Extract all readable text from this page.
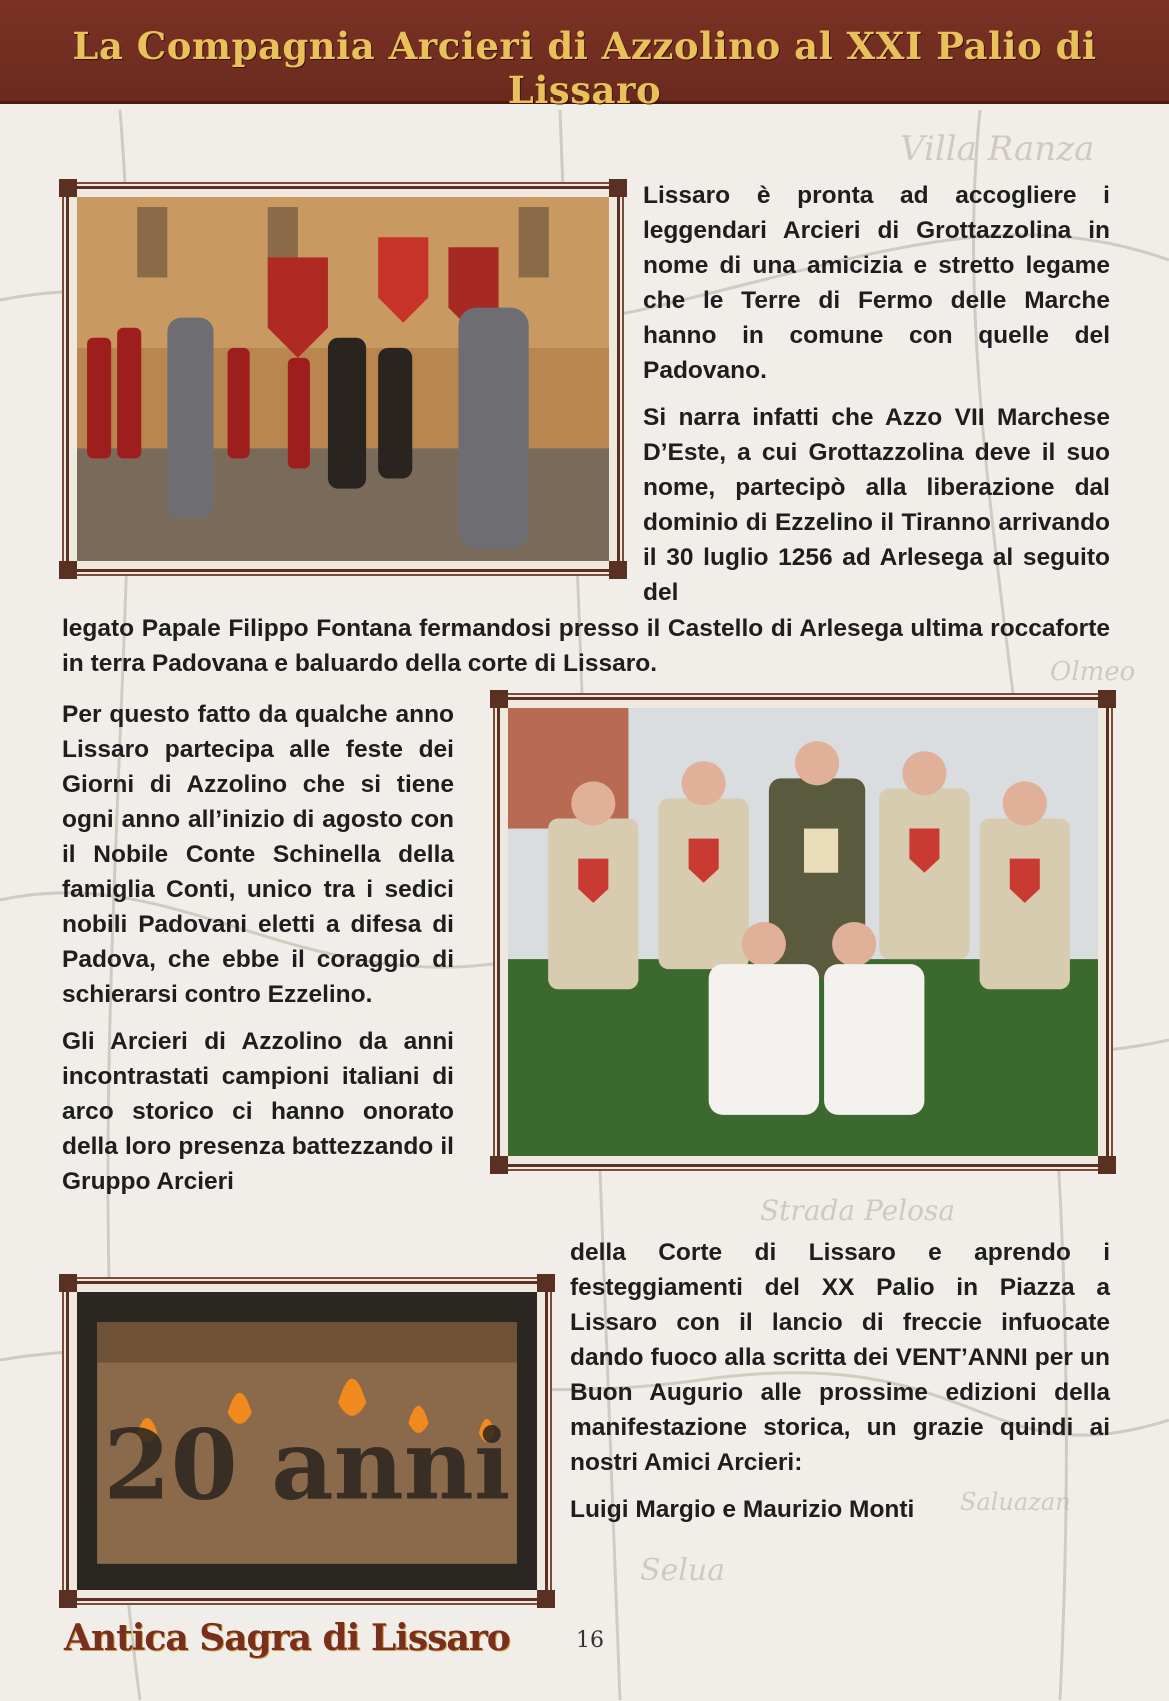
Villa Ranza
Olmeo
Strada Pelosa
Saluazan
Selua
La Compagnia Arcieri di Azzolino al XXI Palio di Lissaro

Lissaro è pronta ad accogliere i leggendari Arcieri di Grottazzolina in nome di una amicizia e stretto legame che le Terre di Fermo delle Marche hanno in comune con quelle del Padovano.

Si narra infatti che Azzo VII Marchese D’Este, a cui Grottazzolina deve il suo nome, partecipò alla liberazione dal dominio di Ezzelino il Tiranno arrivando il 30 luglio 1256 ad Arlesega al seguito del

legato Papale Filippo Fontana fermandosi presso il Castello di Arlesega ultima roccaforte in terra Padovana e baluardo della corte di Lissaro.

Per questo fatto da qualche anno Lissaro partecipa alle feste dei Giorni di Azzolino che si tiene ogni anno all’inizio di agosto con il Nobile Conte Schinella della famiglia Conti, unico tra i sedici nobili Padovani eletti a difesa di Padova, che ebbe il coraggio di schierarsi contro Ezzelino.

Gli Arcieri di Azzolino da anni incontrastati campioni italiani di arco storico ci hanno onorato della loro presenza battezzando il Gruppo Arcieri

20 anni

della Corte di Lissaro e aprendo i festeggiamenti del XX Palio in Piazza a Lissaro con il lancio di freccie infuocate dando fuoco alla scritta dei VENT’ANNI per un Buon Augurio alle prossime edizioni della manifestazione storica, un grazie quindi ai nostri Amici Arcieri:

Luigi Margio e Maurizio Monti

Antica Sagra di Lissaro	16
